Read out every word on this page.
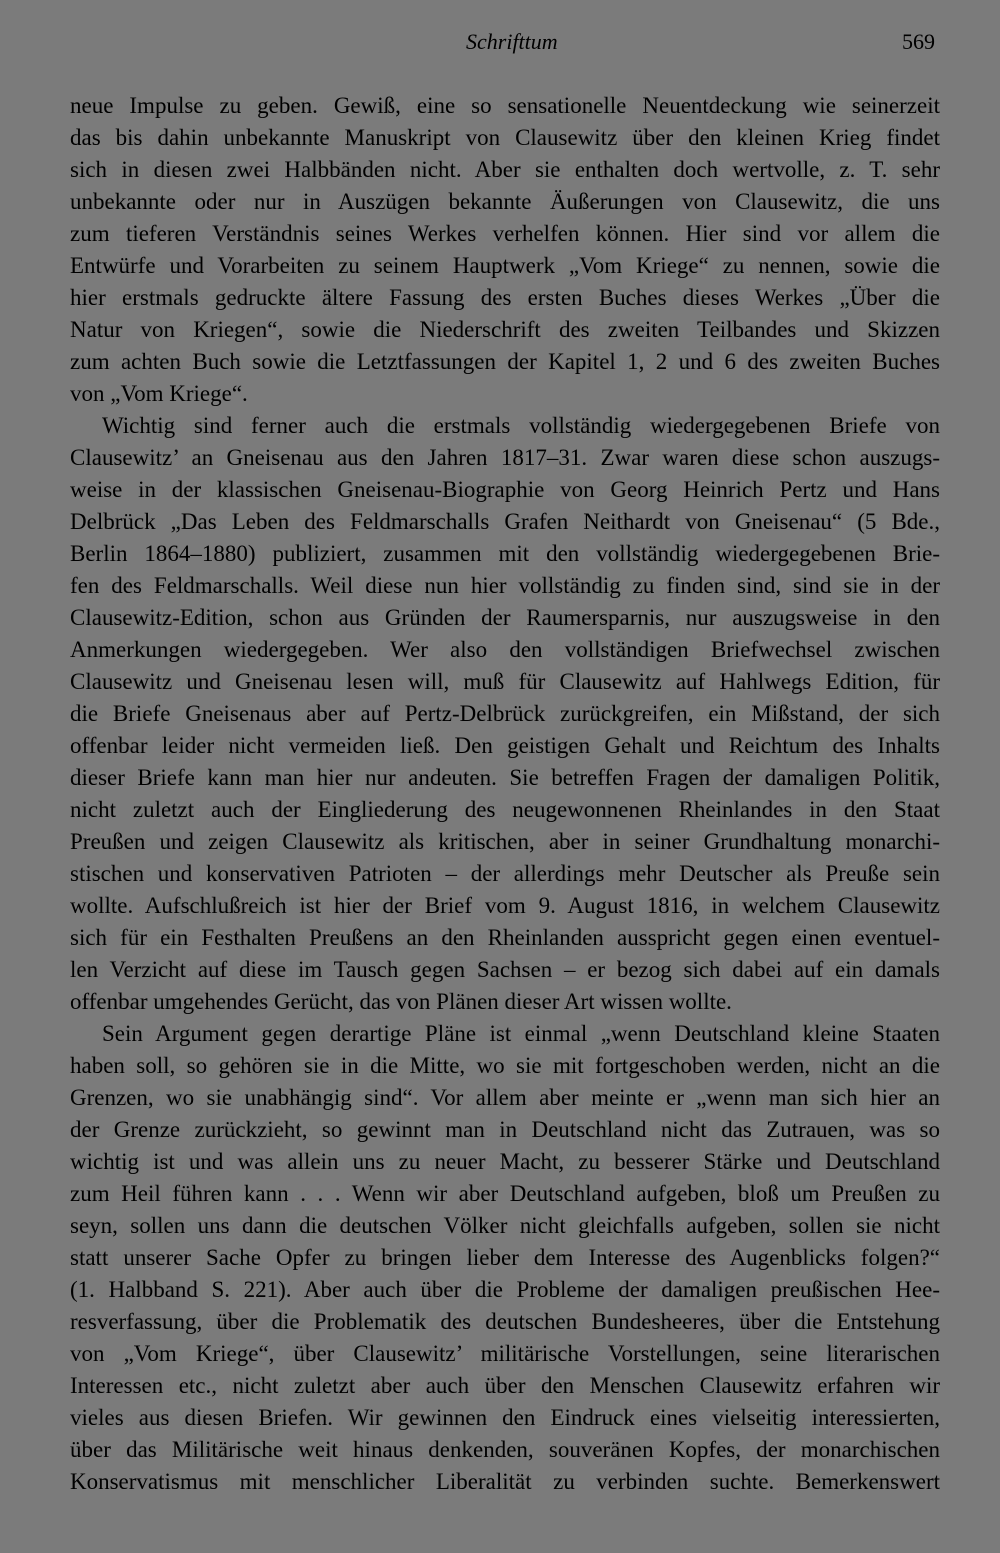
Schrifttum	569
neue Impulse zu geben. Gewiß, eine so sensationelle Neuentdeckung wie seinerzeit
das bis dahin unbekannte Manuskript von Clausewitz über den kleinen Krieg findet
sich in diesen zwei Halbbänden nicht. Aber sie enthalten doch wertvolle, z. T. sehr
unbekannte oder nur in Auszügen bekannte Äußerungen von Clausewitz, die uns
zum tieferen Verständnis seines Werkes verhelfen können. Hier sind vor allem die
Entwürfe und Vorarbeiten zu seinem Hauptwerk „Vom Kriege“ zu nennen, sowie die
hier erstmals gedruckte ältere Fassung des ersten Buches dieses Werkes „Über die
Natur von Kriegen“, sowie die Niederschrift des zweiten Teilbandes und Skizzen
zum achten Buch sowie die Letztfassungen der Kapitel 1, 2 und 6 des zweiten Buches
von „Vom Kriege“.
Wichtig sind ferner auch die erstmals vollständig wiedergegebenen Briefe von
Clausewitz’ an Gneisenau aus den Jahren 1817–31. Zwar waren diese schon auszugs-
weise in der klassischen Gneisenau-Biographie von Georg Heinrich Pertz und Hans
Delbrück „Das Leben des Feldmarschalls Grafen Neithardt von Gneisenau“ (5 Bde.,
Berlin 1864–1880) publiziert, zusammen mit den vollständig wiedergegebenen Brie-
fen des Feldmarschalls. Weil diese nun hier vollständig zu finden sind, sind sie in der
Clausewitz-Edition, schon aus Gründen der Raumersparnis, nur auszugsweise in den
Anmerkungen wiedergegeben. Wer also den vollständigen Briefwechsel zwischen
Clausewitz und Gneisenau lesen will, muß für Clausewitz auf Hahlwegs Edition, für
die Briefe Gneisenaus aber auf Pertz-Delbrück zurückgreifen, ein Mißstand, der sich
offenbar leider nicht vermeiden ließ. Den geistigen Gehalt und Reichtum des Inhalts
dieser Briefe kann man hier nur andeuten. Sie betreffen Fragen der damaligen Politik,
nicht zuletzt auch der Eingliederung des neugewonnenen Rheinlandes in den Staat
Preußen und zeigen Clausewitz als kritischen, aber in seiner Grundhaltung monarchi-
stischen und konservativen Patrioten – der allerdings mehr Deutscher als Preuße sein
wollte. Aufschlußreich ist hier der Brief vom 9. August 1816, in welchem Clausewitz
sich für ein Festhalten Preußens an den Rheinlanden ausspricht gegen einen eventuel-
len Verzicht auf diese im Tausch gegen Sachsen – er bezog sich dabei auf ein damals
offenbar umgehendes Gerücht, das von Plänen dieser Art wissen wollte.
Sein Argument gegen derartige Pläne ist einmal „wenn Deutschland kleine Staaten
haben soll, so gehören sie in die Mitte, wo sie mit fortgeschoben werden, nicht an die
Grenzen, wo sie unabhängig sind“. Vor allem aber meinte er „wenn man sich hier an
der Grenze zurückzieht, so gewinnt man in Deutschland nicht das Zutrauen, was so
wichtig ist und was allein uns zu neuer Macht, zu besserer Stärke und Deutschland
zum Heil führen kann . . . Wenn wir aber Deutschland aufgeben, bloß um Preußen zu
seyn, sollen uns dann die deutschen Völker nicht gleichfalls aufgeben, sollen sie nicht
statt unserer Sache Opfer zu bringen lieber dem Interesse des Augenblicks folgen?“
(1. Halbband S. 221). Aber auch über die Probleme der damaligen preußischen Hee-
resverfassung, über die Problematik des deutschen Bundesheeres, über die Entstehung
von „Vom Kriege“, über Clausewitz’ militärische Vorstellungen, seine literarischen
Interessen etc., nicht zuletzt aber auch über den Menschen Clausewitz erfahren wir
vieles aus diesen Briefen. Wir gewinnen den Eindruck eines vielseitig interessierten,
über das Militärische weit hinaus denkenden, souveränen Kopfes, der monarchischen
Konservatismus mit menschlicher Liberalität zu verbinden suchte. Bemerkenswert
